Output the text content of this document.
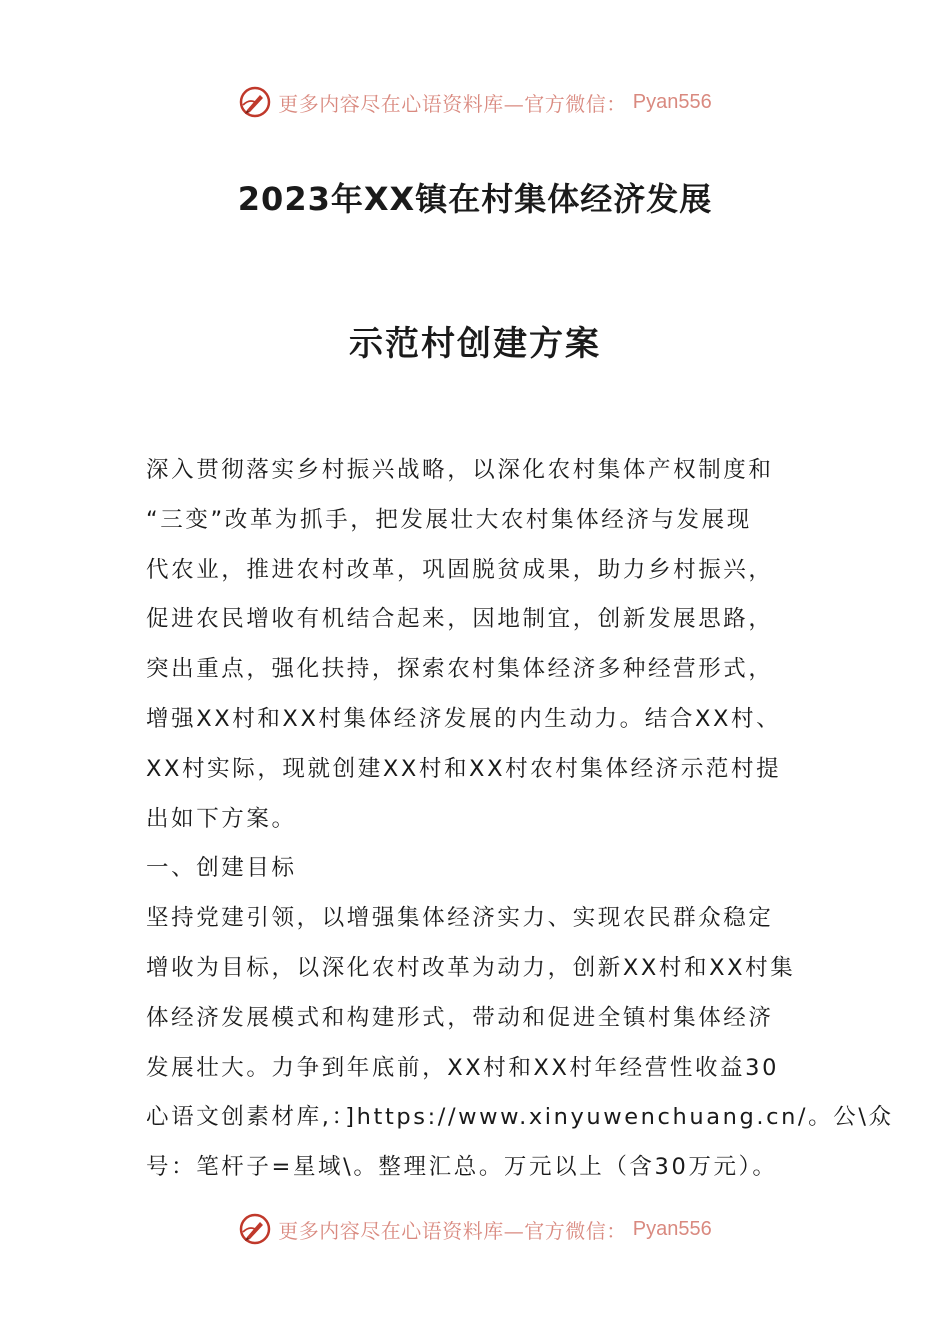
更多内容尽在心语资料库—官方微信： Pyan556
2023年XX镇在村集体经济发展
示范村创建方案
深入贯彻落实乡村振兴战略，以深化农村集体产权制度和
“三变”改革为抓手，把发展壮大农村集体经济与发展现
代农业，推进农村改革，巩固脱贫成果，助力乡村振兴，
促进农民增收有机结合起来，因地制宜，创新发展思路，
突出重点，强化扶持，探索农村集体经济多种经营形式，
增强XX村和XX村集体经济发展的内生动力。结合XX村、
XX村实际，现就创建XX村和XX村农村集体经济示范村提
出如下方案。
一、创建目标
坚持党建引领，以增强集体经济实力、实现农民群众稳定
增收为目标，以深化农村改革为动力，创新XX村和XX村集
体经济发展模式和构建形式，带动和促进全镇村集体经济
发展壮大。力争到年底前，XX村和XX村年经营性收益30
心语文创素材库,：]https://www.xinyuwenchuang.cn/。公\众
号：笔杆子=星域\。整理汇总。万元以上（含30万元）。
更多内容尽在心语资料库—官方微信： Pyan556
